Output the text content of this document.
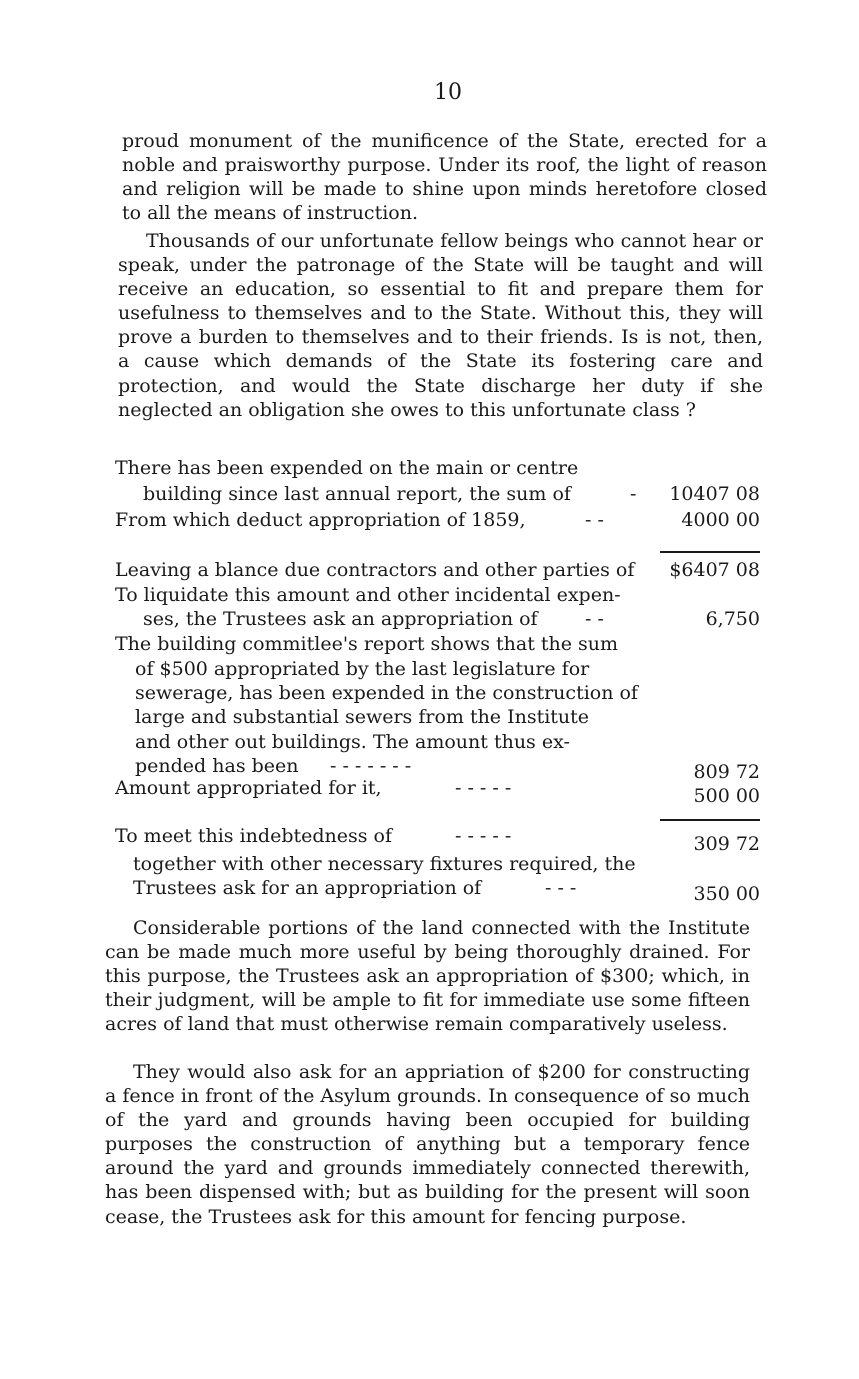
10
proud monument of the munificence of the State, erected for a noble and praisworthy purpose. Under its roof, the light of reason and religion will be made to shine upon minds heretofore closed to all the means of instruction.
Thousands of our unfortunate fellow beings who cannot hear or speak, under the patronage of the State will be taught and will receive an education, so essential to fit and prepare them for usefulness to themselves and to the State. Without this, they will prove a burden to themselves and to their friends. Is is not, then, a cause which demands of the State its fostering care and protection, and would the State discharge her duty if she neglected an obligation she owes to this unfortunate class ?
There has been expended on the main or centre
building since last annual report, the sum of	-	10407 08
From which deduct appropriation of 1859,	- -	4000 00
Leaving a blance due contractors and other parties of	$6407 08
To liquidate this amount and other incidental expen-
ses, the Trustees ask an appropriation of - -	6,750
The building commitlee's report shows that the sum
of $500 appropriated by the last legislature for
sewerage, has been expended in the construction of
large and substantial sewers from the Institute
and other out buildings. The amount thus ex-
pended has been - - - - - - -	809 72
Amount appropriated for it,	- - - - -	500 00
To meet this indebtedness of	- - - - -	309 72
together with other necessary fixtures required, the
Trustees ask for an appropriation of	- - -	350 00
Considerable portions of the land connected with the Institute can be made much more useful by being thoroughly drained. For this purpose, the Trustees ask an appropriation of $300; which, in their judgment, will be ample to fit for immediate use some fifteen acres of land that must otherwise remain comparatively useless.
They would also ask for an appriation of $200 for constructing a fence in front of the Asylum grounds. In consequence of so much of the yard and grounds having been occupied for building purposes the construction of anything but a temporary fence around the yard and grounds immediately connected therewith, has been dispensed with; but as building for the present will soon cease, the Trustees ask for this amount for fencing purpose.
